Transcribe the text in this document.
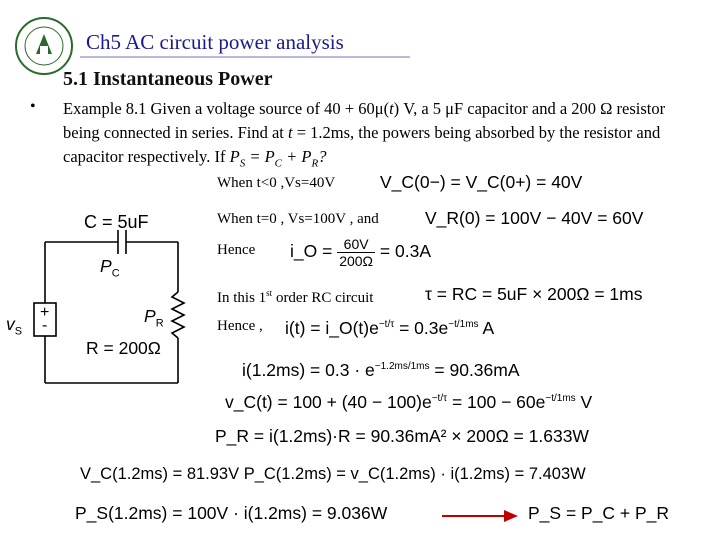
Ch5 AC circuit power analysis
5.1 Instantaneous Power
• Example 8.1 Given a voltage source of 40 + 60μ(t) V, a 5 μF capacitor and a 200 Ω resistor being connected in series. Find at t = 1.2ms, the powers being absorbed by the resistor and capacitor respectively. If $P_S = P_C + P_R$?
C = 5uF
$P_C$
+
-
$v_S$
$P_R$
R = 200Ω
When t<0 ,Vs=40V
When t=0 , Vs=100V , and
Hence
In this 1st order RC circuit
Hence ,
V_C(0−) = V_C(0+) = 40V
V_R(0) = 100V − 40V = 60V
i_O = $\frac{60V}{200\Omega} = 0.3A$
τ = RC = 5uF × 200Ω = 1ms
$i(t) = i\_O(t)e^{-t/\tau} = 0.3e^{-t/1ms}$ A
$i(1.2ms) = 0.3 \cdot e^{-1.2ms/1ms} = 90.36mA$
v_C(t) = $100 + (40 - 100)e^{-t/\tau} = 100 - 60e^{-t/1ms}$ V
P_R = i(1.2ms)·R = 90.36mA² × 200Ω = 1.633W
V_C(1.2ms) = 81.93V P_C(1.2ms) = v_C(1.2ms) · i(1.2ms) = 7.403W
P_S(1.2ms) = 100V · i(1.2ms) = 9.036W	P_S = P_C + P_R
